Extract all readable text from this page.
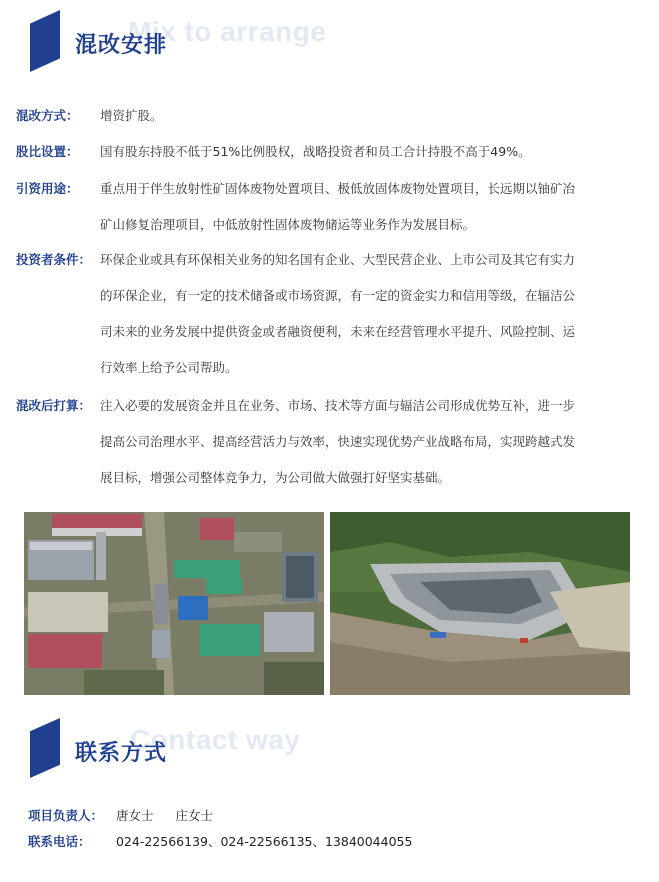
Mix to arrange
混改安排
混改方式： 增资扩股。
股比设置： 国有股东持股不低于51%比例股权，战略投资者和员工合计持股不高于49%。
引资用途： 重点用于伴生放射性矿固体废物处置项目、极低放固体废物处置项目，长远期以铀矿冶
矿山修复治理项目，中低放射性固体废物储运等业务作为发展目标。
投资者条件： 环保企业或具有环保相关业务的知名国有企业、大型民营企业、上市公司及其它有实力
的环保企业，有一定的技术储备或市场资源，有一定的资金实力和信用等级，在辐洁公
司未来的业务发展中提供资金或者融资便利，未来在经营管理水平提升、风险控制、运
行效率上给予公司帮助。
混改后打算： 注入必要的发展资金并且在业务、市场、技术等方面与辐洁公司形成优势互补，进一步
提高公司治理水平、提高经营活力与效率，快速实现优势产业战略布局，实现跨越式发
展目标，增强公司整体竞争力，为公司做大做强打好坚实基础。
Contact way
联系方式
项目负责人： 唐女士 庄女士
联系电话： 024-22566139、024-22566135、13840044055
